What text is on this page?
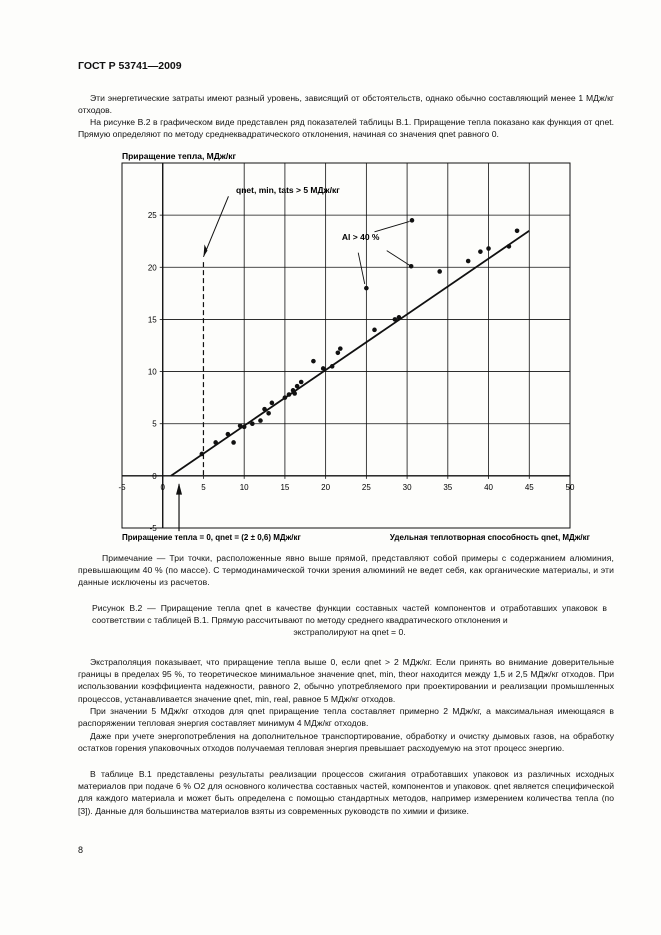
ГОСТ Р 53741—2009
Эти энергетические затраты имеют разный уровень, зависящий от обстоятельств, однако обычно составляющий менее 1 МДж/кг отходов.
На рисунке В.2 в графическом виде представлен ряд показателей таблицы В.1. Приращение тепла показано как функция от qnet. Прямую определяют по методу среднеквадратического отклонения, начиная со значения qnet равного 0.
Приращение тепла, МДж/кг
-5	0	5	10	15	20	25	30	35	40	45	50
-5
0
5
10
15
20
25
qnet, min, tats > 5 МДж/кг
Al > 40 %
Приращение тепла = 0, qnet = (2 ± 0,6) МДж/кг	Удельная теплотворная способность qnet, МДж/кг
Примечание — Три точки, расположенные явно выше прямой, представляют собой примеры с содержанием алюминия, превышающим 40 % (по массе). С термодинамической точки зрения алюминий не ведет себя, как органические материалы, и эти данные исключены из расчетов.
Рисунок В.2 — Приращение тепла qnet в качестве функции составных частей компонентов и отработавших упаковок в соответствии с таблицей В.1. Прямую рассчитывают по методу среднего квадратического отклонения и
экстраполируют на qnet = 0.
Экстраполяция показывает, что приращение тепла выше 0, если qnet > 2 МДж/кг. Если принять во внимание доверительные границы в пределах 95 %, то теоретическое минимальное значение qnet, min, theor находится между 1,5 и 2,5 МДж/кг отходов. При использовании коэффициента надежности, равного 2, обычно употребляемого при проектировании и реализации промышленных процессов, устанавливается значение qnet, min, real, равное 5 МДж/кг отходов.
При значении 5 МДж/кг отходов для qnet приращение тепла составляет примерно 2 МДж/кг, а максимальная имеющаяся в распоряжении тепловая энергия составляет минимум 4 МДж/кг отходов.
Даже при учете энергопотребления на дополнительное транспортирование, обработку и очистку дымовых газов, на обработку остатков горения упаковочных отходов получаемая тепловая энергия превышает расходуемую на этот процесс энергию.
В таблице В.1 представлены результаты реализации процессов сжигания отработавших упаковок из различных исходных материалов при подаче 6 % O2 для основного количества составных частей, компонентов и упаковок. qnet является специфической для каждого материала и может быть определена с помощью стандартных методов, например измерением количества тепла (по [3]). Данные для большинства материалов взяты из современных руководств по химии и физике.
8
